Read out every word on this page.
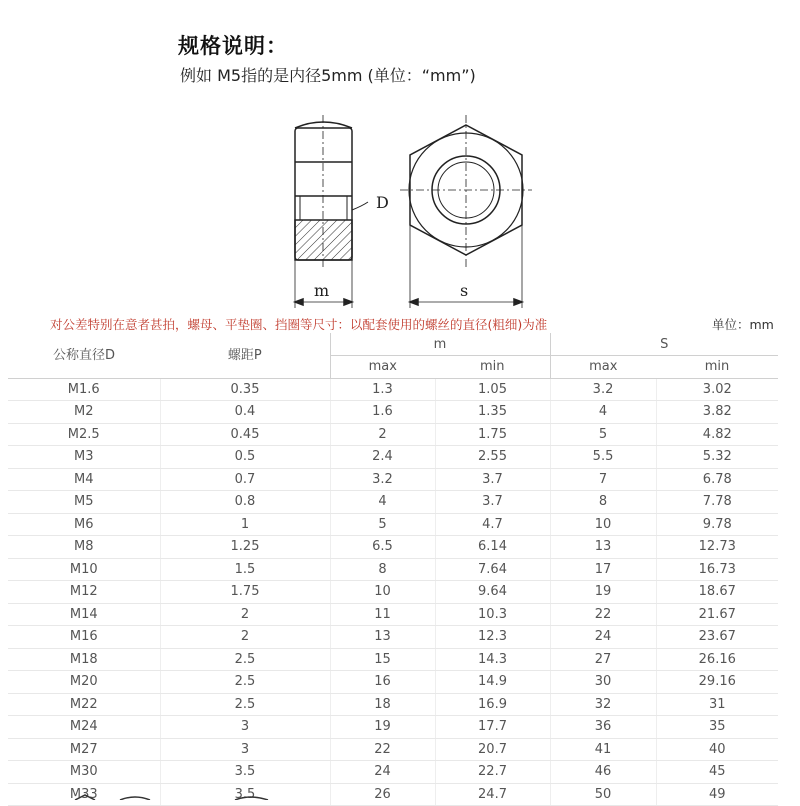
规格说明：
例如 M5指的是内径5mm (单位：“mm”)
D
m	s
对公差特别在意者甚拍，螺母、平垫圈、挡圈等尺寸：以配套使用的螺丝的直径(粗细)为准	单位：mm
公称直径D	螺距P	m		S	
		max	min	max	min
M1.6	0.35	1.3	1.05	3.2	3.02
M2	0.4	1.6	1.35	4	3.82
M2.5	0.45	2	1.75	5	4.82
M3	0.5	2.4	2.55	5.5	5.32
M4	0.7	3.2	3.7	7	6.78
M5	0.8	4	3.7	8	7.78
M6	1	5	4.7	10	9.78
M8	1.25	6.5	6.14	13	12.73
M10	1.5	8	7.64	17	16.73
M12	1.75	10	9.64	19	18.67
M14	2	11	10.3	22	21.67
M16	2	13	12.3	24	23.67
M18	2.5	15	14.3	27	26.16
M20	2.5	16	14.9	30	29.16
M22	2.5	18	16.9	32	31
M24	3	19	17.7	36	35
M27	3	22	20.7	41	40
M30	3.5	24	22.7	46	45
M33	3.5	26	24.7	50	49
